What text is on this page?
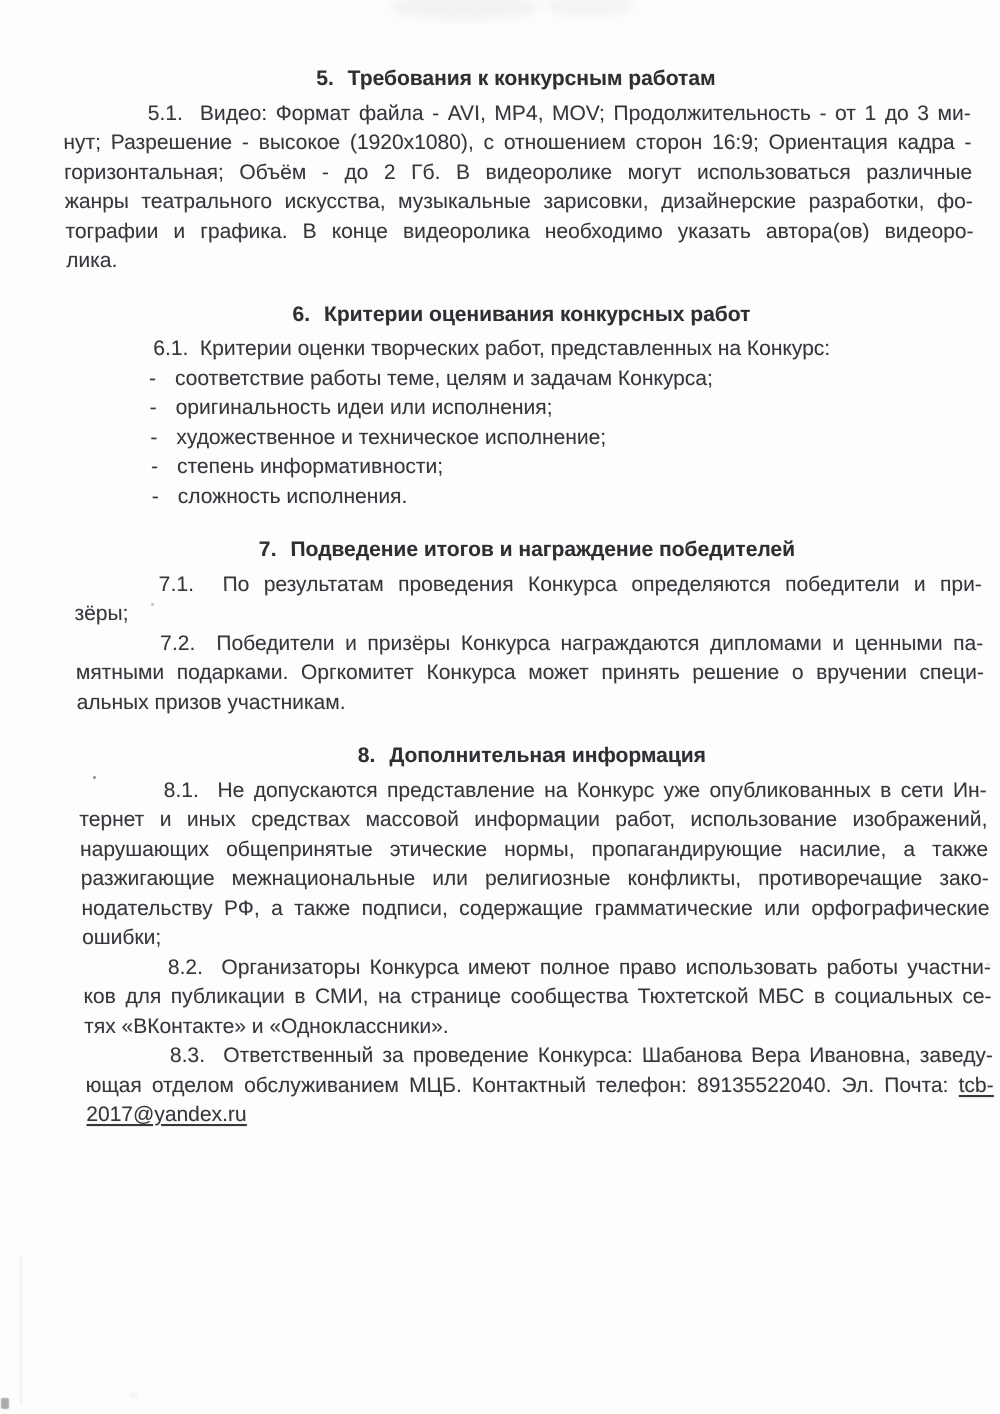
5. Требования к конкурсным работам
5.1.  Видео: Формат файла - AVI, MP4, MOV; Продолжительность - от 1 до 3 ми-
нут; Разрешение - высокое (1920х1080), с отношением сторон 16:9; Ориентация кадра -
горизонтальная; Объём - до 2 Гб. В видеоролике могут использоваться различные
жанры театрального искусства, музыкальные зарисовки, дизайнерские разработки, фо-
тографии и графика. В конце видеоролика необходимо указать автора(ов) видеоро-
лика.
6. Критерии оценивания конкурсных работ
6.1.  Критерии оценки творческих работ, представленных на Конкурс:
- соответствие работы теме, целям и задачам Конкурса;
- оригинальность идеи или исполнения;
- художественное и техническое исполнение;
- степень информативности;
- сложность исполнения.
7. Подведение итогов и награждение победителей
7.1.  По результатам проведения Конкурса определяются победители и при-
зёры;
7.2.  Победители и призёры Конкурса награждаются дипломами и ценными па-
мятными подарками. Оргкомитет Конкурса может принять решение о вручении специ-
альных призов участникам.
8. Дополнительная информация
8.1.  Не допускаются представление на Конкурс уже опубликованных в сети Ин-
тернет и иных средствах массовой информации работ, использование изображений,
нарушающих общепринятые этические нормы, пропагандирующие насилие, а также
разжигающие межнациональные или религиозные конфликты, противоречащие зако-
нодательству РФ, а также подписи, содержащие грамматические или орфографические
ошибки;
8.2.  Организаторы Конкурса имеют полное право использовать работы участни-
ков для публикации в СМИ, на странице сообщества Тюхтетской МБС в социальных се-
тях «ВКонтакте» и «Одноклассники».
8.3.  Ответственный за проведение Конкурса: Шабанова Вера Ивановна, заведу-
ющая отделом обслуживанием МЦБ. Контактный телефон: 89135522040. Эл. Почта: tcb-
2017@yandex.ru
